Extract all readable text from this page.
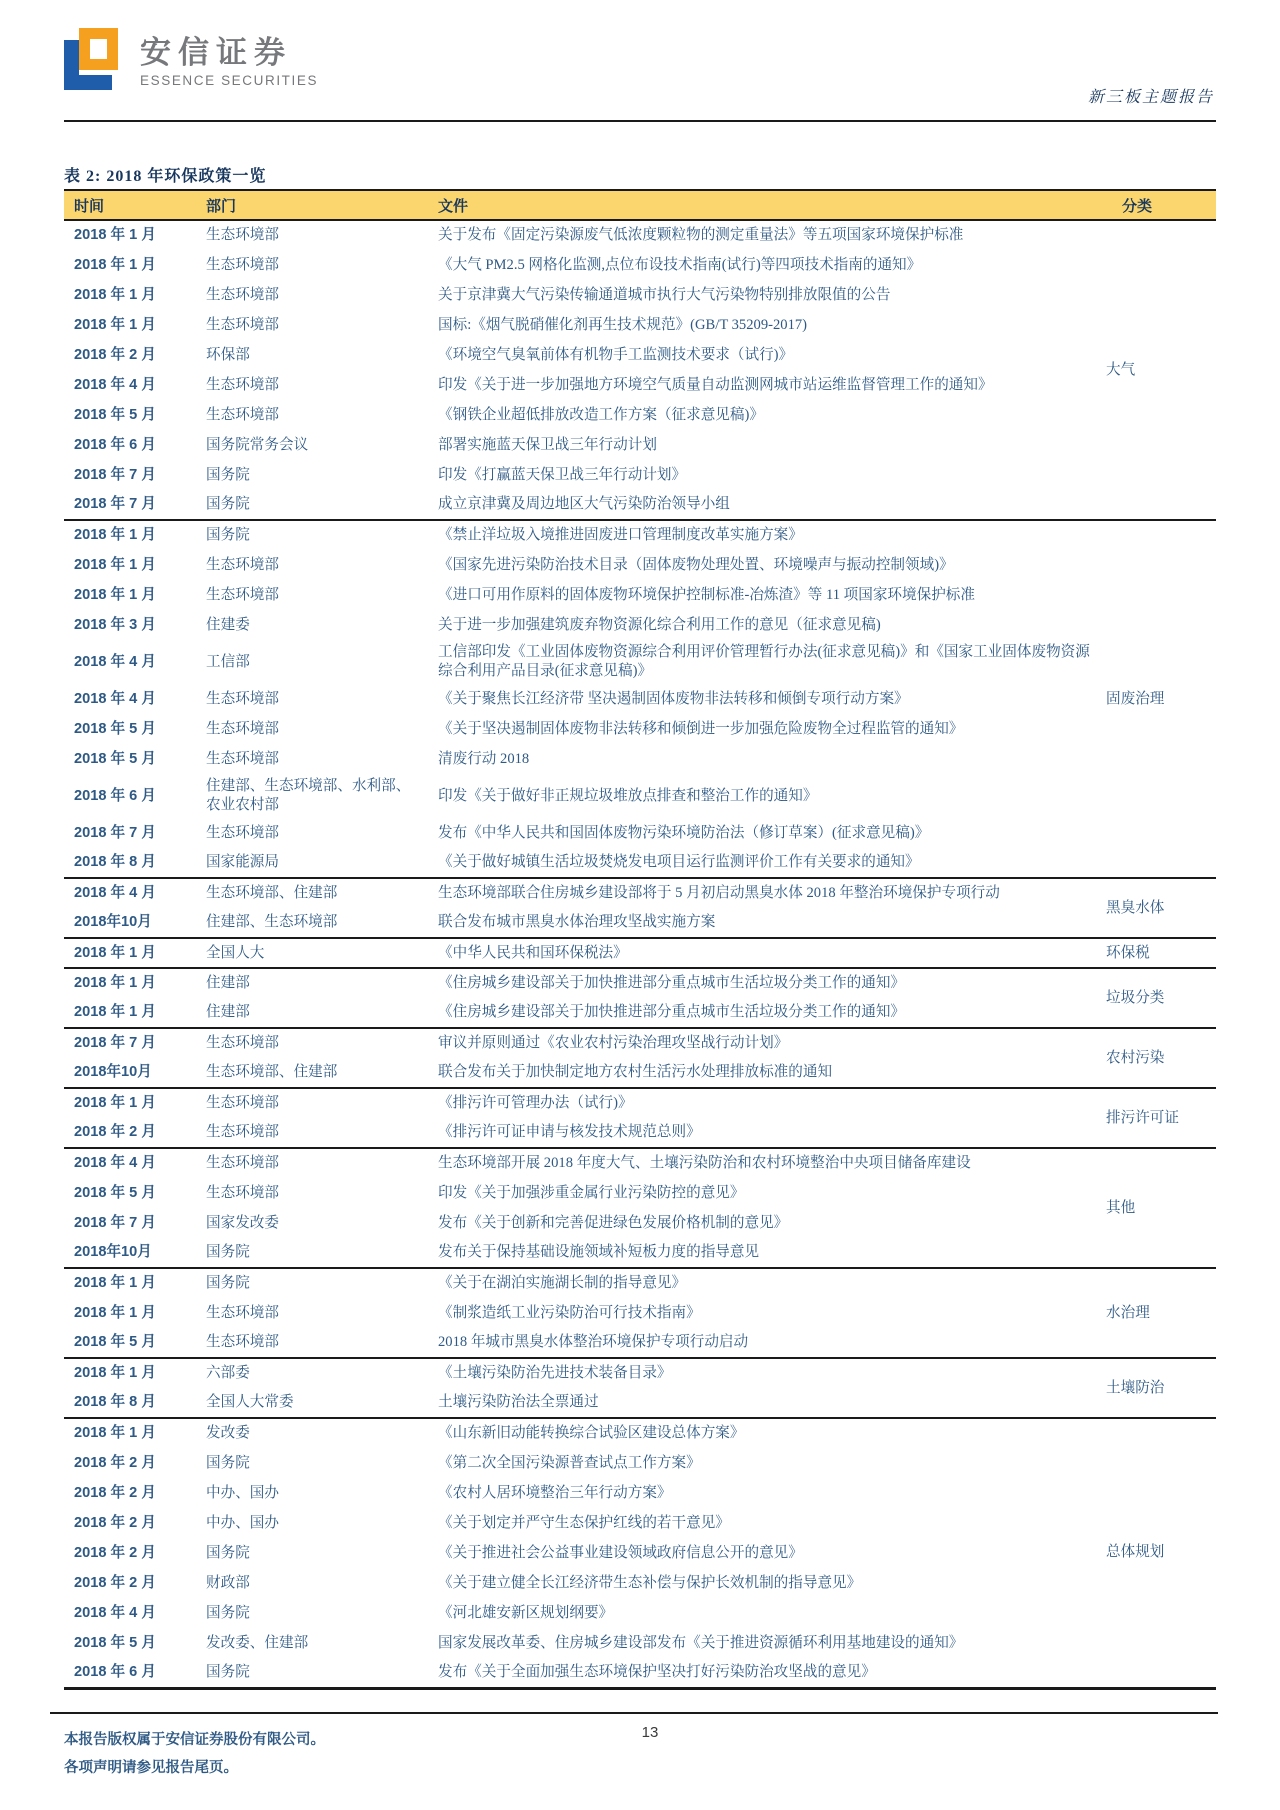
安信证券
ESSENCE SECURITIES
新三板主题报告
表 2: 2018 年环保政策一览
时间	部门	文件	分类
2018 年 1 月	生态环境部	关于发布《固定污染源废气低浓度颗粒物的测定重量法》等五项国家环境保护标准	大气
2018 年 1 月	生态环境部	《大气 PM2.5 网格化监测,点位布设技术指南(试行)等四项技术指南的通知》	
2018 年 1 月	生态环境部	关于京津冀大气污染传输通道城市执行大气污染物特别排放限值的公告	
2018 年 1 月	生态环境部	国标:《烟气脱硝催化剂再生技术规范》(GB/T 35209-2017)	
2018 年 2 月	环保部	《环境空气臭氧前体有机物手工监测技术要求（试行)》	
2018 年 4 月	生态环境部	印发《关于进一步加强地方环境空气质量自动监测网城市站运维监督管理工作的通知》	
2018 年 5 月	生态环境部	《钢铁企业超低排放改造工作方案（征求意见稿)》	
2018 年 6 月	国务院常务会议	部署实施蓝天保卫战三年行动计划	
2018 年 7 月	国务院	印发《打赢蓝天保卫战三年行动计划》	
2018 年 7 月	国务院	成立京津冀及周边地区大气污染防治领导小组	
2018 年 1 月	国务院	《禁止洋垃圾入境推进固废进口管理制度改革实施方案》	固废治理
2018 年 1 月	生态环境部	《国家先进污染防治技术目录（固体废物处理处置、环境噪声与振动控制领域)》	
2018 年 1 月	生态环境部	《进口可用作原料的固体废物环境保护控制标准-冶炼渣》等 11 项国家环境保护标准	
2018 年 3 月	住建委	关于进一步加强建筑废弃物资源化综合利用工作的意见（征求意见稿)	
2018 年 4 月	工信部	工信部印发《工业固体废物资源综合利用评价管理暂行办法(征求意见稿)》和《国家工业固体废物资源综合利用产品目录(征求意见稿)》	
2018 年 4 月	生态环境部	《关于聚焦长江经济带 坚决遏制固体废物非法转移和倾倒专项行动方案》	
2018 年 5 月	生态环境部	《关于坚决遏制固体废物非法转移和倾倒进一步加强危险废物全过程监管的通知》	
2018 年 5 月	生态环境部	清废行动 2018	
2018 年 6 月	住建部、生态环境部、水利部、农业农村部	印发《关于做好非正规垃圾堆放点排查和整治工作的通知》	
2018 年 7 月	生态环境部	发布《中华人民共和国固体废物污染环境防治法（修订草案）(征求意见稿)》	
2018 年 8 月	国家能源局	《关于做好城镇生活垃圾焚烧发电项目运行监测评价工作有关要求的通知》	
2018 年 4 月	生态环境部、住建部	生态环境部联合住房城乡建设部将于 5 月初启动黑臭水体 2018 年整治环境保护专项行动	黑臭水体
2018年10月	住建部、生态环境部	联合发布城市黑臭水体治理攻坚战实施方案	
2018 年 1 月	全国人大	《中华人民共和国环保税法》	环保税
2018 年 1 月	住建部	《住房城乡建设部关于加快推进部分重点城市生活垃圾分类工作的通知》	垃圾分类
2018 年 1 月	住建部	《住房城乡建设部关于加快推进部分重点城市生活垃圾分类工作的通知》	
2018 年 7 月	生态环境部	审议并原则通过《农业农村污染治理攻坚战行动计划》	农村污染
2018年10月	生态环境部、住建部	联合发布关于加快制定地方农村生活污水处理排放标准的通知	
2018 年 1 月	生态环境部	《排污许可管理办法（试行)》	排污许可证
2018 年 2 月	生态环境部	《排污许可证申请与核发技术规范总则》	
2018 年 4 月	生态环境部	生态环境部开展 2018 年度大气、土壤污染防治和农村环境整治中央项目储备库建设	其他
2018 年 5 月	生态环境部	印发《关于加强涉重金属行业污染防控的意见》	
2018 年 7 月	国家发改委	发布《关于创新和完善促进绿色发展价格机制的意见》	
2018年10月	国务院	发布关于保持基础设施领域补短板力度的指导意见	
2018 年 1 月	国务院	《关于在湖泊实施湖长制的指导意见》	水治理
2018 年 1 月	生态环境部	《制浆造纸工业污染防治可行技术指南》	
2018 年 5 月	生态环境部	2018 年城市黑臭水体整治环境保护专项行动启动	
2018 年 1 月	六部委	《土壤污染防治先进技术装备目录》	土壤防治
2018 年 8 月	全国人大常委	土壤污染防治法全票通过	
2018 年 1 月	发改委	《山东新旧动能转换综合试验区建设总体方案》	总体规划
2018 年 2 月	国务院	《第二次全国污染源普查试点工作方案》	
2018 年 2 月	中办、国办	《农村人居环境整治三年行动方案》	
2018 年 2 月	中办、国办	《关于划定并严守生态保护红线的若干意见》	
2018 年 2 月	国务院	《关于推进社会公益事业建设领域政府信息公开的意见》	
2018 年 2 月	财政部	《关于建立健全长江经济带生态补偿与保护长效机制的指导意见》	
2018 年 4 月	国务院	《河北雄安新区规划纲要》	
2018 年 5 月	发改委、住建部	国家发展改革委、住房城乡建设部发布《关于推进资源循环利用基地建设的通知》	
2018 年 6 月	国务院	发布《关于全面加强生态环境保护坚决打好污染防治攻坚战的意见》	
本报告版权属于安信证券股份有限公司。
各项声明请参见报告尾页。
13
